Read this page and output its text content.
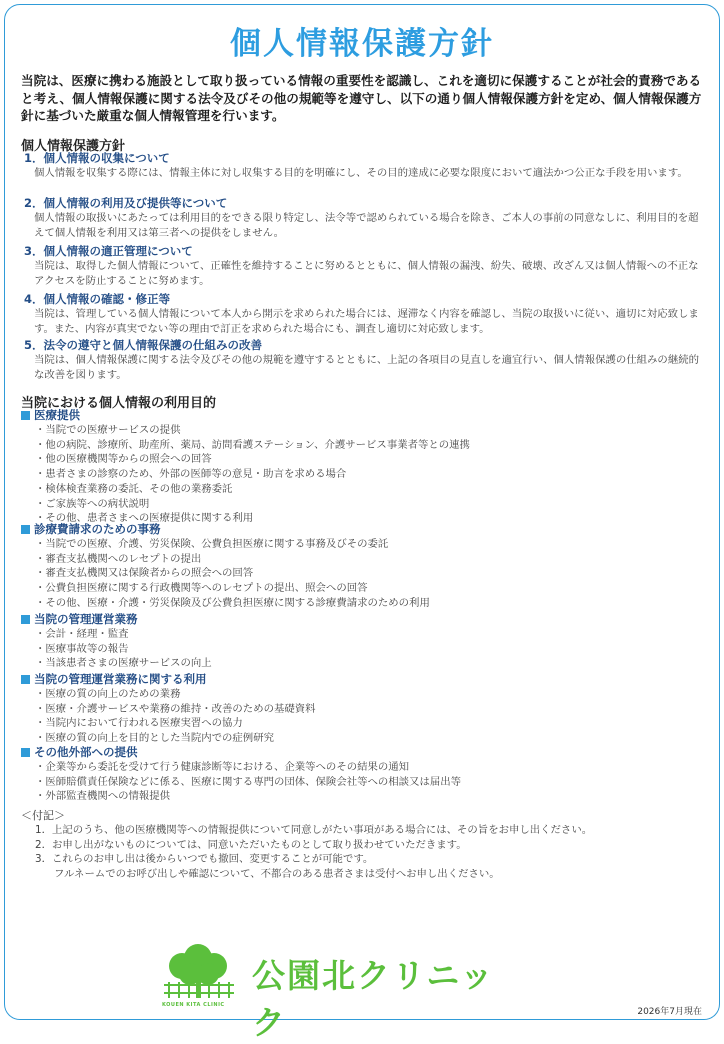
個人情報保護方針
当院は、医療に携わる施設として取り扱っている情報の重要性を認識し、これを適切に保護することが社会的責務であると考え、個人情報保護に関する法令及びその他の規範等を遵守し、以下の通り個人情報保護方針を定め、個人情報保護方針に基づいた厳重な個人情報管理を行います。
個人情報保護方針
1．個人情報の収集について
個人情報を収集する際には、情報主体に対し収集する目的を明確にし、その目的達成に必要な限度において適法かつ公正な手段を用います。
2．個人情報の利用及び提供等について
個人情報の取扱いにあたっては利用目的をできる限り特定し、法令等で認められている場合を除き、ご本人の事前の同意なしに、利用目的を超えて個人情報を利用又は第三者への提供をしません。
3．個人情報の適正管理について
当院は、取得した個人情報について、正確性を維持することに努めるとともに、個人情報の漏洩、紛失、破壊、改ざん又は個人情報への不正なアクセスを防止することに努めます。
4．個人情報の確認・修正等
当院は、管理している個人情報について本人から開示を求められた場合には、遅滞なく内容を確認し、当院の取扱いに従い、適切に対応致します。また、内容が真実でない等の理由で訂正を求められた場合にも、調査し適切に対応致します。
5．法令の遵守と個人情報保護の仕組みの改善
当院は、個人情報保護に関する法令及びその他の規範を遵守するとともに、上記の各項目の見直しを適宜行い、個人情報保護の仕組みの継続的な改善を図ります。
当院における個人情報の利用目的
医療提供
・当院での医療サービスの提供
・他の病院、診療所、助産所、薬局、訪問看護ステーション、介護サービス事業者等との連携
・他の医療機関等からの照会への回答
・患者さまの診察のため、外部の医師等の意見・助言を求める場合
・検体検査業務の委託、その他の業務委託
・ご家族等への病状説明
・その他、患者さまへの医療提供に関する利用
診療費請求のための事務
・当院での医療、介護、労災保険、公費負担医療に関する事務及びその委託
・審査支払機関へのレセプトの提出
・審査支払機関又は保険者からの照会への回答
・公費負担医療に関する行政機関等へのレセプトの提出、照会への回答
・その他、医療・介護・労災保険及び公費負担医療に関する診療費請求のための利用
当院の管理運営業務
・会計・経理・監査
・医療事故等の報告
・当該患者さまの医療サービスの向上
当院の管理運営業務に関する利用
・医療の質の向上のための業務
・医療・介護サービスや業務の維持・改善のための基礎資料
・当院内において行われる医療実習への協力
・医療の質の向上を目的とした当院内での症例研究
その他外部への提供
・企業等から委託を受けて行う健康診断等における、企業等へのその結果の通知
・医師賠償責任保険などに係る、医療に関する専門の団体、保険会社等への相談又は届出等
・外部監査機関への情報提供
＜付記＞
1．上記のうち、他の医療機関等への情報提供について同意しがたい事項がある場合には、その旨をお申し出ください。
2．お申し出がないものについては、同意いただいたものとして取り扱わせていただきます。
3．これらのお申し出は後からいつでも撤回、変更することが可能です。
フルネームでのお呼び出しや確認について、不都合のある患者さまは受付へお申し出ください。
KOUEN KITA CLINIC
公園北クリニック	2026年7月現在
